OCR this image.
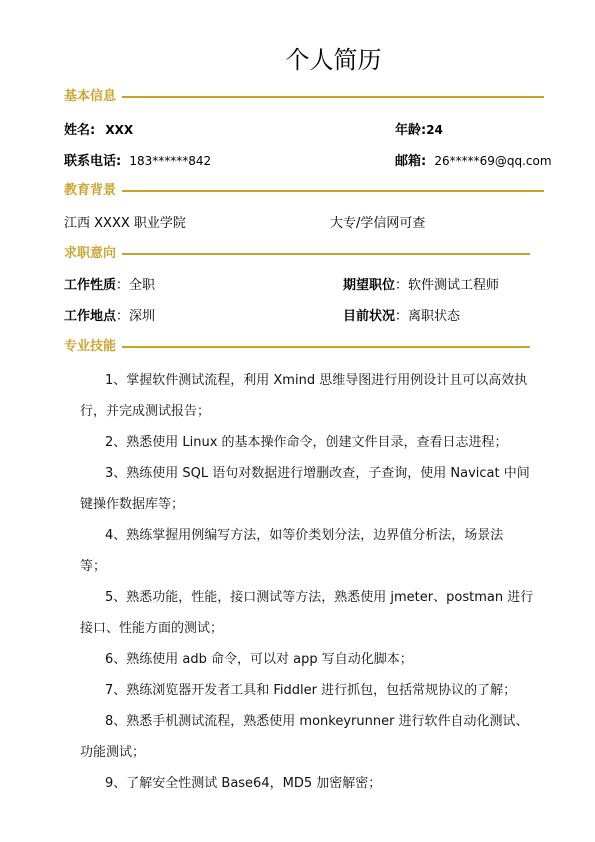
个人简历
基本信息
姓名: XXX	年龄:24
联系电话: 183******842	邮箱: 26*****69@qq.com
教育背景
江西 XXXX 职业学院	大专/学信网可查
求职意向
工作性质：全职	期望职位：软件测试工程师
工作地点：深圳	目前状况：离职状态
专业技能
1、掌握软件测试流程，利用 Xmind 思维导图进行用例设计且可以高效执
行，并完成测试报告；
2、熟悉使用 Linux 的基本操作命令，创建文件目录，查看日志进程；
3、熟练使用 SQL 语句对数据进行增删改查，子查询，使用 Navicat 中间
键操作数据库等；
4、熟练掌握用例编写方法，如等价类划分法，边界值分析法，场景法
等；
5、熟悉功能，性能，接口测试等方法，熟悉使用 jmeter、postman 进行
接口、性能方面的测试；
6、熟练使用 adb 命令，可以对 app 写自动化脚本；
7、熟练浏览器开发者工具和 Fiddler 进行抓包，包括常规协议的了解；
8、熟悉手机测试流程，熟悉使用 monkeyrunner 进行软件自动化测试、
功能测试；
9、了解安全性测试 Base64，MD5 加密解密；
